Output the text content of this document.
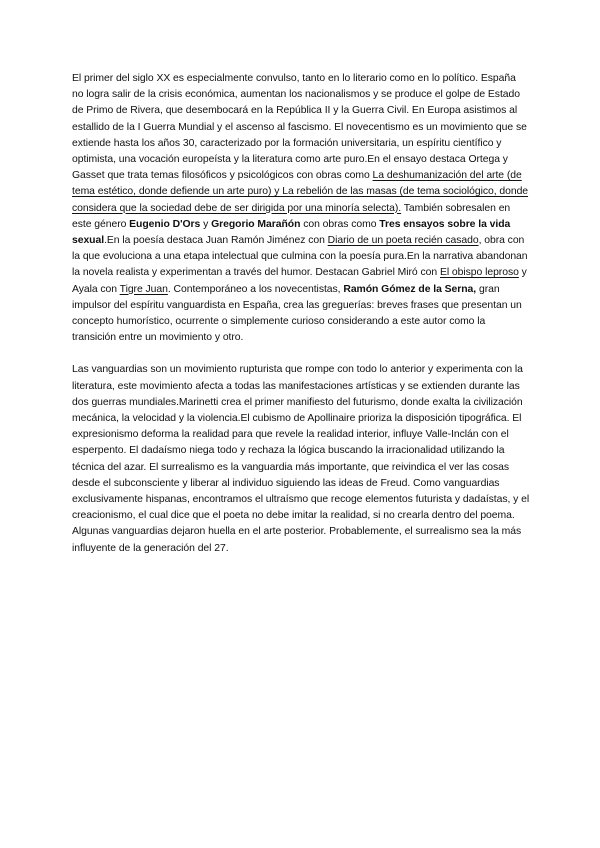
El primer del siglo XX es especialmente convulso, tanto en lo literario como en lo político. España no logra salir de la crisis económica, aumentan los nacionalismos y se produce el golpe de Estado de Primo de Rivera, que desembocará en la República II y la Guerra Civil. En Europa asistimos al estallido de la I Guerra Mundial y el ascenso al fascismo. El novecentismo es un movimiento que se extiende hasta los años 30, caracterizado por la formación universitaria, un espíritu científico y optimista, una vocación europeísta y la literatura como arte puro.En el ensayo destaca Ortega y Gasset que trata temas filosóficos y psicológicos con obras como La deshumanización del arte (de tema estético, donde defiende un arte puro) y La rebelión de las masas (de tema sociológico, donde considera que la sociedad debe de ser dirigida por una minoría selecta). También sobresalen en este género Eugenio D'Ors y Gregorio Marañón con obras como Tres ensayos sobre la vida sexual.En la poesía destaca Juan Ramón Jiménez con Diario de un poeta recién casado, obra con la que evoluciona a una etapa intelectual que culmina con la poesía pura.En la narrativa abandonan la novela realista y experimentan a través del humor. Destacan Gabriel Miró con El obispo leproso y Ayala con Tigre Juan. Contemporáneo a los novecentistas, Ramón Gómez de la Serna, gran impulsor del espíritu vanguardista en España, crea las greguerías: breves frases que presentan un concepto humorístico, ocurrente o simplemente curioso considerando a este autor como la transición entre un movimiento y otro.

Las vanguardias son un movimiento rupturista que rompe con todo lo anterior y experimenta con la literatura, este movimiento afecta a todas las manifestaciones artísticas y se extienden durante las dos guerras mundiales.Marinetti crea el primer manifiesto del futurismo, donde exalta la civilización mecánica, la velocidad y la violencia.El cubismo de Apollinaire prioriza la disposición tipográfica. El expresionismo deforma la realidad para que revele la realidad interior, influye Valle-Inclán con el esperpento. El dadaísmo niega todo y rechaza la lógica buscando la irracionalidad utilizando la técnica del azar. El surrealismo es la vanguardia más importante, que reivindica el ver las cosas desde el subconsciente y liberar al individuo siguiendo las ideas de Freud. Como vanguardias exclusivamente hispanas, encontramos el ultraísmo que recoge elementos futurista y dadaístas, y el creacionismo, el cual dice que el poeta no debe imitar la realidad, si no crearla dentro del poema. Algunas vanguardias dejaron huella en el arte posterior. Probablemente, el surrealismo sea la más influyente de la generación del 27.
